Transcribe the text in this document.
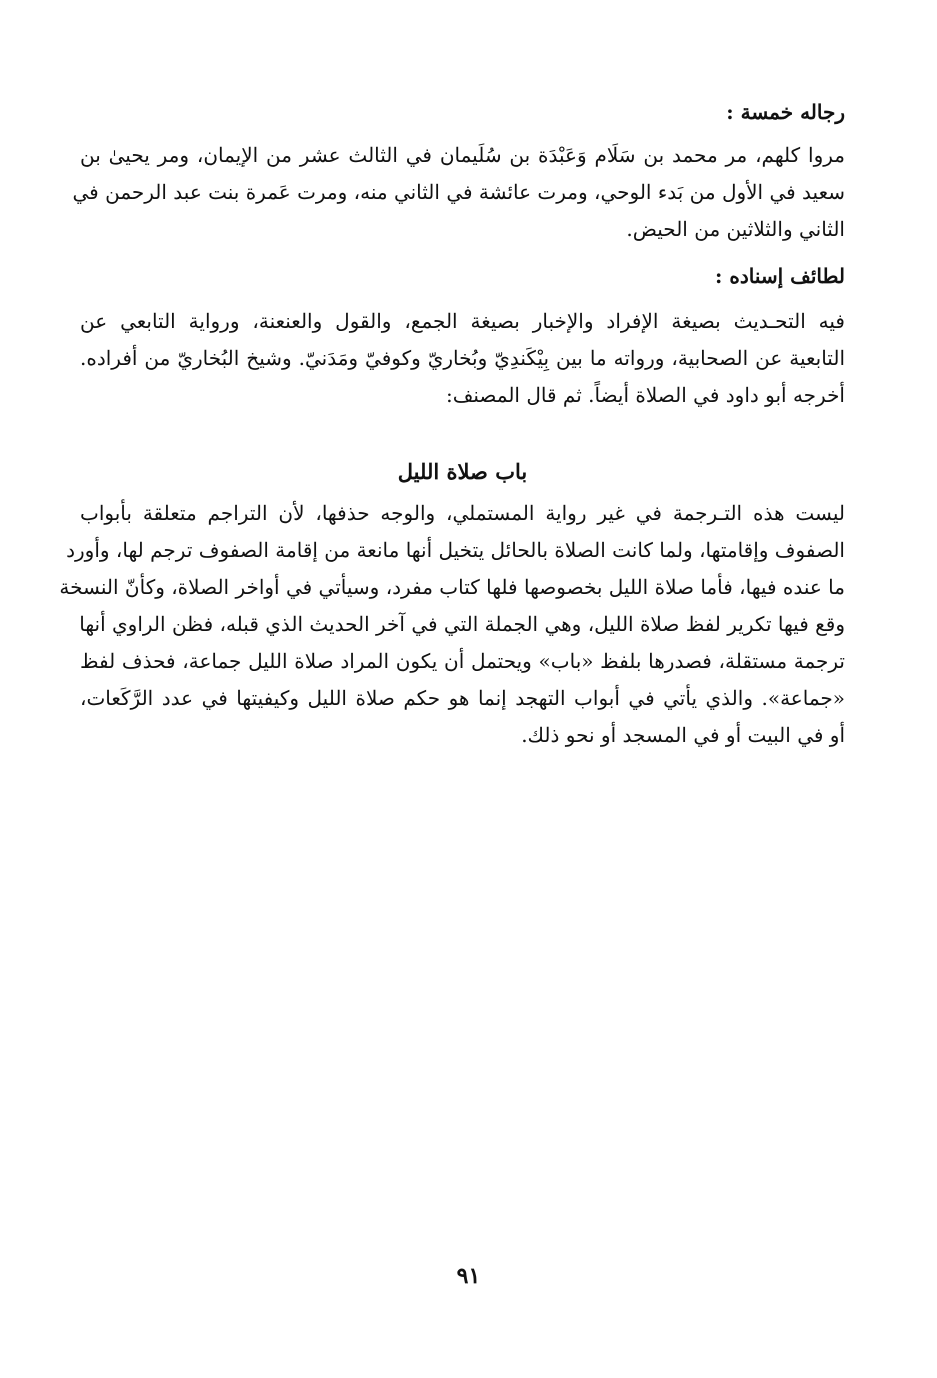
رجاله خمسة :
مروا كلهم، مر محمد بن سَلَام وَعَبْدَة بن سُلَيمان في الثالث عشر من الإيمان، ومر يحيىٰ بن
سعيد في الأول من بَدء الوحي، ومرت عائشة في الثاني منه، ومرت عَمرة بنت عبد الرحمن في
الثاني والثلاثين من الحيض.
لطائف إسناده :
فيه التحـديث بصيغة الإفراد والإخبار بصيغة الجمع، والقول والعنعنة، ورواية التابعي عن
التابعية عن الصحابية، ورواته ما بين بِيْكَندِيّ وبُخاريّ وكوفيّ ومَدَنيّ. وشيخ البُخاريّ من أفراده.
أخرجه أبو داود في الصلاة أيضاً. ثم قال المصنف:
باب صلاة الليل
ليست هذه التـرجمة في غير رواية المستملي، والوجه حذفها، لأن التراجم متعلقة بأبواب
الصفوف وإقامتها، ولما كانت الصلاة بالحائل يتخيل أنها مانعة من إقامة الصفوف ترجم لها، وأورد
ما عنده فيها، فأما صلاة الليل بخصوصها فلها كتاب مفرد، وسيأتي في أواخر الصلاة، وكأنّ النسخة
وقع فيها تكرير لفظ صلاة الليل، وهي الجملة التي في آخر الحديث الذي قبله، فظن الراوي أنها
ترجمة مستقلة، فصدرها بلفظ «باب» ويحتمل أن يكون المراد صلاة الليل جماعة، فحذف لفظ
«جماعة». والذي يأتي في أبواب التهجد إنما هو حكم صلاة الليل وكيفيتها في عدد الرَّكَعات،
أو في البيت أو في المسجد أو نحو ذلك.
٩١
